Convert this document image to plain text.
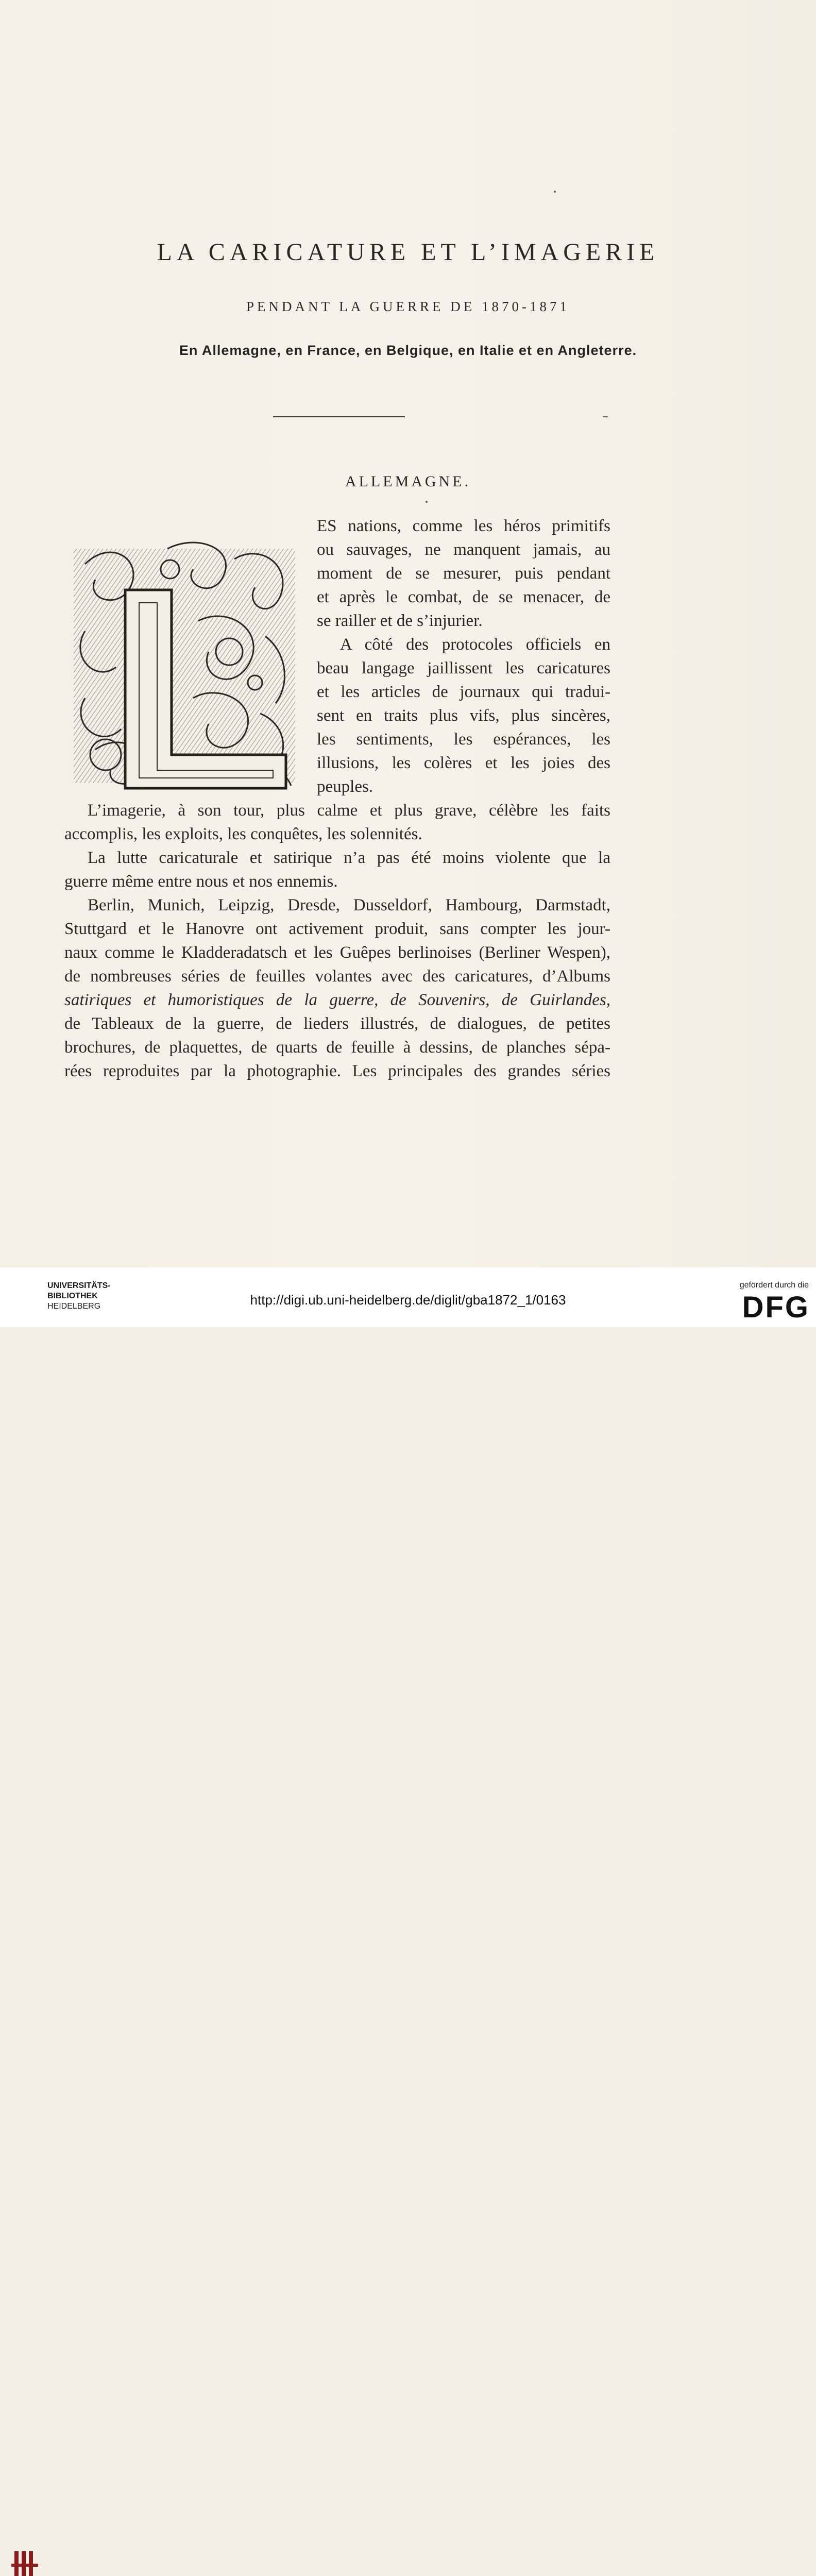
LA CARICATURE ET L’IMAGERIE
PENDANT LA GUERRE DE 1870-1871
En Allemagne, en France, en Belgique, en Italie et en Angleterre.
ALLEMAGNE.
ES nations, comme les héros primitifs
ou sauvages, ne manquent jamais, au
moment de se mesurer, puis pendant
et après le combat, de se menacer, de
se railler et de s’injurier.
A côté des protocoles officiels en
beau langage jaillissent les caricatures
et les articles de journaux qui tradui-
sent en traits plus vifs, plus sincères,
les sentiments, les espérances, les
illusions, les colères et les joies des
peuples.
L’imagerie, à son tour, plus calme et plus grave, célèbre les faits
accomplis, les exploits, les conquêtes, les solennités.
La lutte caricaturale et satirique n’a pas été moins violente que la
guerre même entre nous et nos ennemis.
Berlin, Munich, Leipzig, Dresde, Dusseldorf, Hambourg, Darmstadt,
Stuttgard et le Hanovre ont activement produit, sans compter les jour-
naux comme le Kladderadatsch et les Guêpes berlinoises (Berliner Wespen),
de nombreuses séries de feuilles volantes avec des caricatures, d’Albums
satiriques et humoristiques de la guerre, de Souvenirs, de Guirlandes,
de Tableaux de la guerre, de lieders illustrés, de dialogues, de petites
brochures, de plaquettes, de quarts de feuille à dessins, de planches sépa-
rées reproduites par la photographie. Les principales des grandes séries
UNIVERSITÄTS-
BIBLIOTHEK
HEIDELBERG	http://digi.ub.uni-heidelberg.de/diglit/gba1872_1/0163
gefördert durch die
DFG
